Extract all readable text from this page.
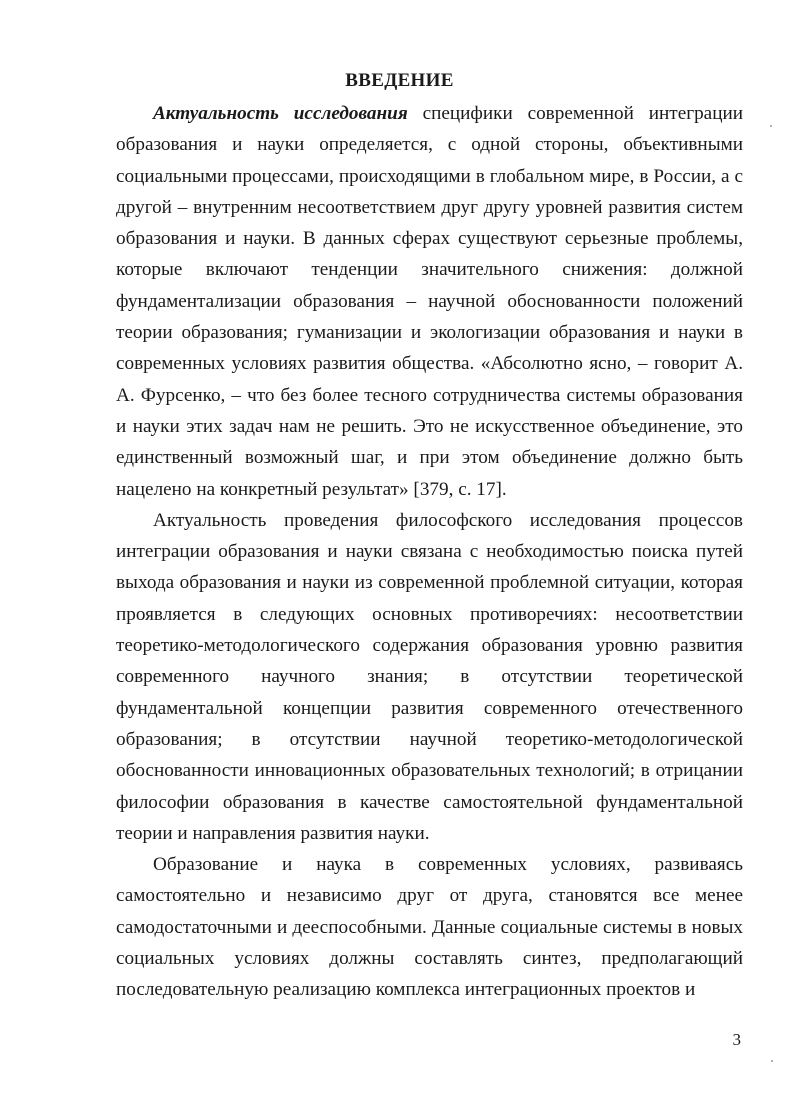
ВВЕДЕНИЕ

Актуальность исследования специфики современной интеграции образования и науки определяется, с одной стороны, объективными социальными процессами, происходящими в глобальном мире, в России, а с другой – внутренним несоответствием друг другу уровней развития систем образования и науки. В данных сферах существуют серьезные проблемы, которые включают тенденции значительного снижения: должной фундаментализации образования – научной обоснованности положений теории образования; гуманизации и экологизации образования и науки в современных условиях развития общества. «Абсолютно ясно, – говорит А. А. Фурсенко, – что без более тесного сотрудничества системы образования и науки этих задач нам не решить. Это не искусственное объединение, это единственный возможный шаг, и при этом объединение должно быть нацелено на конкретный результат» [379, с. 17].

Актуальность проведения философского исследования процессов интеграции образования и науки связана с необходимостью поиска путей выхода образования и науки из современной проблемной ситуации, которая проявляется в следующих основных противоречиях: несоответствии теоретико-методологического содержания образования уровню развития современного научного знания; в отсутствии теоретической фундаментальной концепции развития современного отечественного образования; в отсутствии научной теоретико-методологической обоснованности инновационных образовательных технологий; в отрицании философии образования в качестве самостоятельной фундаментальной теории и направления развития науки.

Образование и наука в современных условиях, развиваясь самостоятельно и независимо друг от друга, становятся все менее самодостаточными и дееспособными. Данные социальные системы в новых социальных условиях должны составлять синтез, предполагающий последовательную реализацию комплекса интеграционных проектов и

3
